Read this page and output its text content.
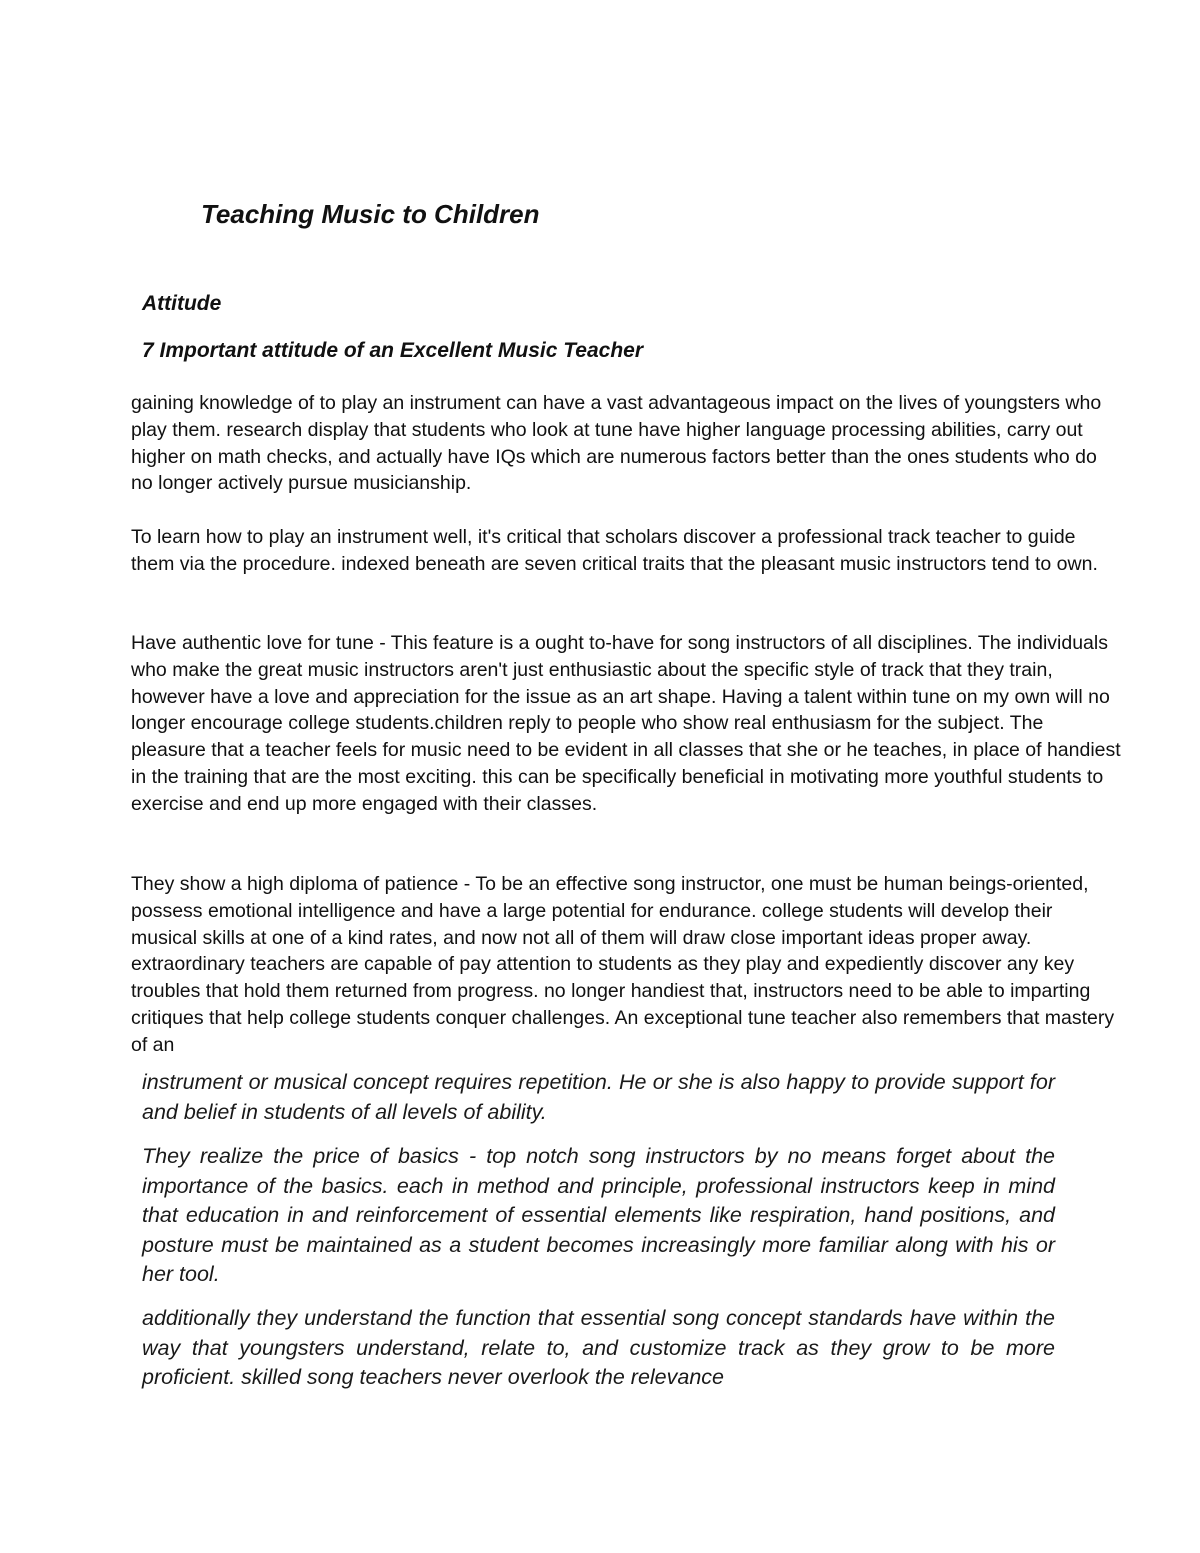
Teaching Music to Children
Attitude
7 Important attitude of an Excellent Music Teacher

gaining knowledge of to play an instrument can have a vast advantageous impact on the lives of youngsters who play them. research display that students who look at tune have higher language processing abilities, carry out higher on math checks, and actually have IQs which are numerous factors better than the ones students who do no longer actively pursue musicianship.

To learn how to play an instrument well, it's critical that scholars discover a professional track teacher to guide them via the procedure. indexed beneath are seven critical traits that the pleasant music instructors tend to own.

Have authentic love for tune - This feature is a ought to-have for song instructors of all disciplines. The individuals who make the great music instructors aren't just enthusiastic about the specific style of track that they train, however have a love and appreciation for the issue as an art shape. Having a talent within tune on my own will no longer encourage college students.children reply to people who show real enthusiasm for the subject. The pleasure that a teacher feels for music need to be evident in all classes that she or he teaches, in place of handiest in the training that are the most exciting. this can be specifically beneficial in motivating more youthful students to exercise and end up more engaged with their classes.

They show a high diploma of patience - To be an effective song instructor, one must be human beings-oriented, possess emotional intelligence and have a large potential for endurance. college students will develop their musical skills at one of a kind rates, and now not all of them will draw close important ideas proper away. extraordinary teachers are capable of pay attention to students as they play and expediently discover any key troubles that hold them returned from progress. no longer handiest that, instructors need to be able to imparting critiques that help college students conquer challenges. An exceptional tune teacher also remembers that mastery of an

instrument or musical concept requires repetition. He or she is also happy to provide support for and belief in students of all levels of ability.

They realize the price of basics - top notch song instructors by no means forget about the importance of the basics. each in method and principle, professional instructors keep in mind that education in and reinforcement of essential elements like respiration, hand positions, and posture must be maintained as a student becomes increasingly more familiar along with his or her tool.

additionally they understand the function that essential song concept standards have within the way that youngsters understand, relate to, and customize track as they grow to be more proficient. skilled song teachers never overlook the relevance
